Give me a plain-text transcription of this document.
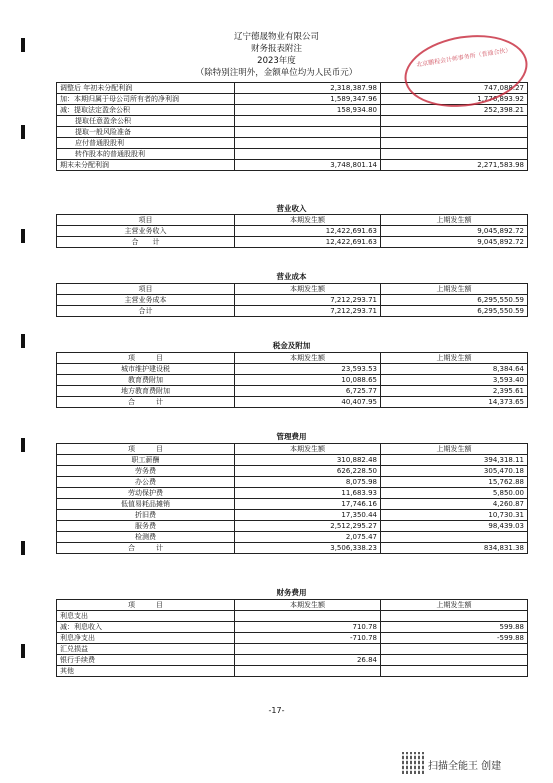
辽宁德晟物业有限公司
财务报表附注
2023年度
（除特别注明外，金额单位均为人民币元）
调整后 年初未分配利润	2,318,387.98	747,088.27
加：本期归属于母公司所有者的净利润	1,589,347.96	1,776,893.92
减：提取法定盈余公积	158,934.80	252,398.21
提取任意盈余公积		
提取一般风险准备		
应付普通股股利		
转作股本的普通股股利		
期末未分配利润	3,748,801.14	2,271,583.98
北京鹏程会计师事务所（普通合伙）
营业收入
项目	本期发生额	上期发生额
主营业务收入	12,422,691.63	9,045,892.72
合　　计	12,422,691.63	9,045,892.72
营业成本
项目	本期发生额	上期发生额
主营业务成本	7,212,293.71	6,295,550.59
合计	7,212,293.71	6,295,550.59
税金及附加
项　　　目	本期发生额	上期发生额
城市维护建设税	23,593.53	8,384.64
教育费附加	10,088.65	3,593.40
地方教育费附加	6,725.77	2,395.61
合　　　计	40,407.95	14,373.65
管理费用
项　　　目	本期发生额	上期发生额
职工薪酬	310,882.48	394,318.11
劳务费	626,228.50	305,470.18
办公费	8,075.98	15,762.88
劳动保护费	11,683.93	5,850.00
低值易耗品摊销	17,746.16	4,260.87
折旧费	17,350.44	10,730.31
服务费	2,512,295.27	98,439.03
检测费	2,075.47	
合　　　计	3,506,338.23	834,831.38
财务费用
项　　　目	本期发生额	上期发生额
利息支出		
减：利息收入	710.78	599.88
利息净支出	-710.78	-599.88
汇兑损益		
银行手续费	26.84	
其他		
-17-
扫描全能王 创建
